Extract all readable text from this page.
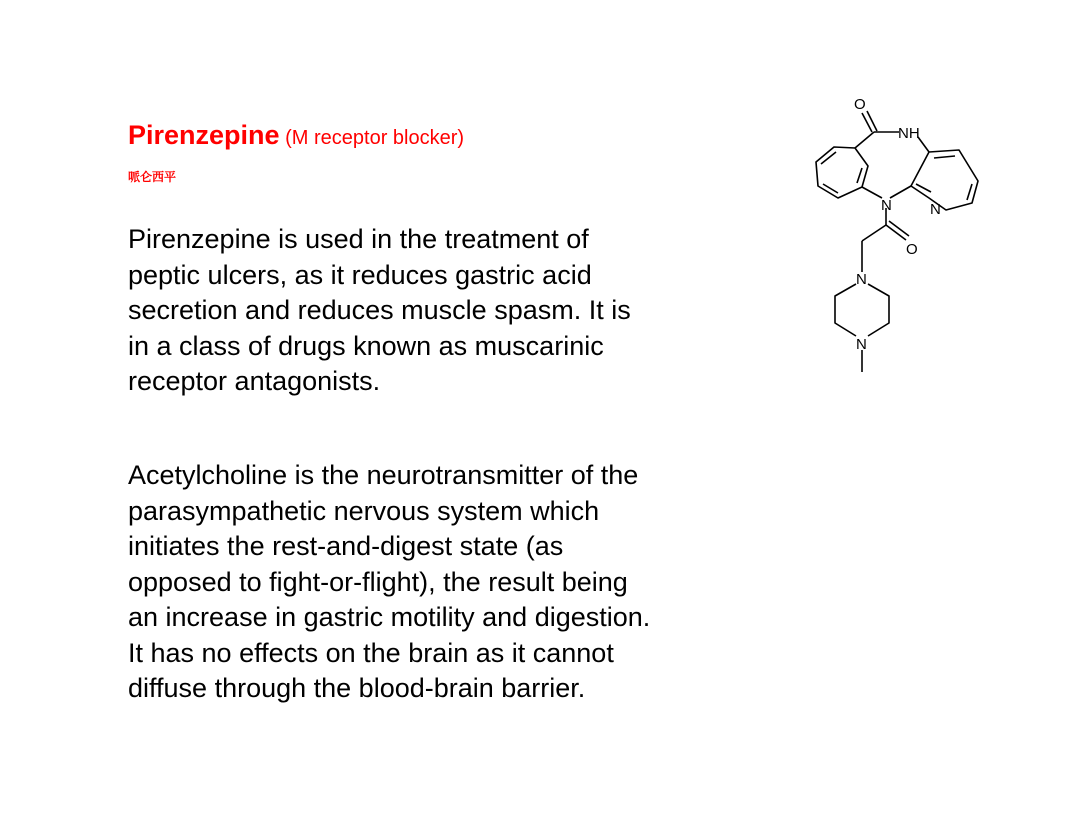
Pirenzepine (M receptor blocker)
哌仑西平

Pirenzepine is used in the treatment of
peptic ulcers, as it reduces gastric acid
secretion and reduces muscle spasm. It is
in a class of drugs known as muscarinic
receptor antagonists.

Acetylcholine is the neurotransmitter of the
parasympathetic nervous system which
initiates the rest-and-digest state (as
opposed to fight-or-flight), the result being
an increase in gastric motility and digestion.
It has no effects on the brain as it cannot
diffuse through the blood-brain barrier.

O
NH
N	N
O
N
N
